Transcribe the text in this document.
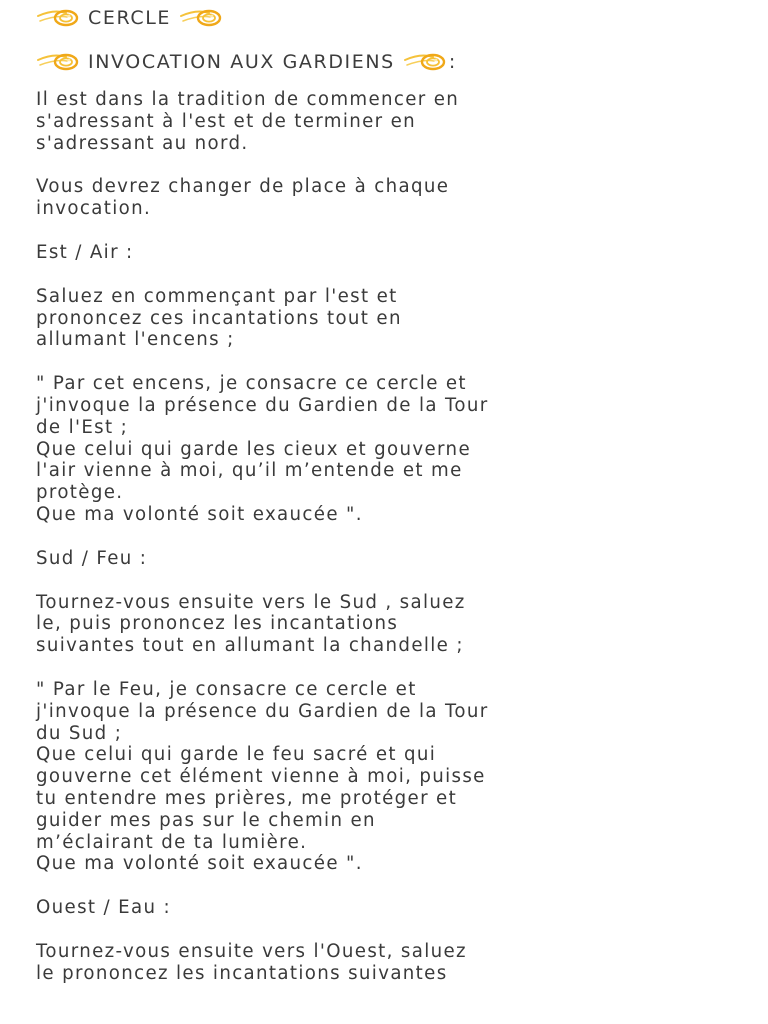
CERCLE
INVOCATION AUX GARDIENS	:

Il est dans la tradition de commencer en
s'adressant à l'est et de terminer en
s'adressant au nord.

Vous devrez changer de place à chaque
invocation.

Est / Air :

Saluez en commençant par l'est et
prononcez ces incantations tout en
allumant l'encens ;

" Par cet encens, je consacre ce cercle et
j'invoque la présence du Gardien de la Tour
de l'Est ;
Que celui qui garde les cieux et gouverne
l'air vienne à moi, qu’il m’entende et me
protège.
Que ma volonté soit exaucée ".

Sud / Feu :

Tournez-vous ensuite vers le Sud , saluez
le, puis prononcez les incantations
suivantes tout en allumant la chandelle ;

" Par le Feu, je consacre ce cercle et
j'invoque la présence du Gardien de la Tour
du Sud ;
Que celui qui garde le feu sacré et qui
gouverne cet élément vienne à moi, puisse
tu entendre mes prières, me protéger et
guider mes pas sur le chemin en
m’éclairant de ta lumière.
Que ma volonté soit exaucée ".

Ouest / Eau :

Tournez-vous ensuite vers l'Ouest, saluez
le prononcez les incantations suivantes
